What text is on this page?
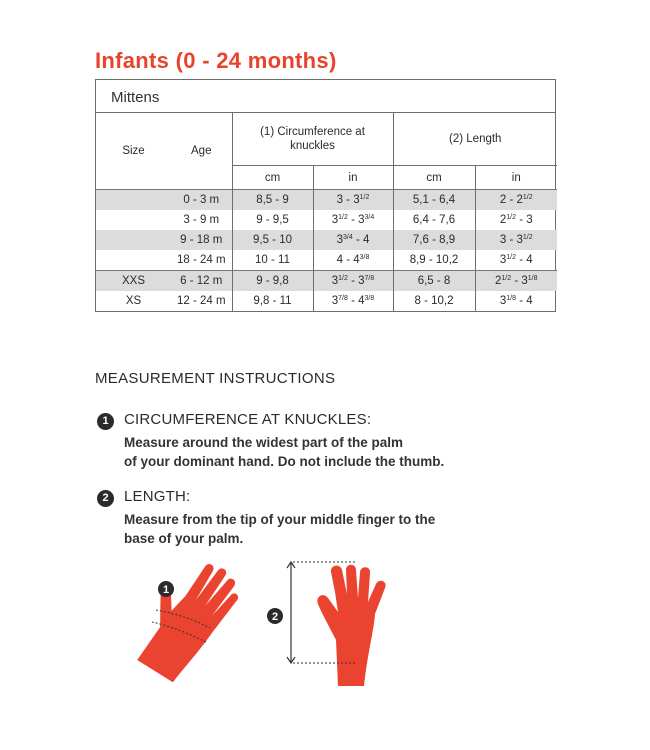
Infants (0 - 24 months)
Mittens
Size	Age	(1) Circumference at knuckles		(2) Length	
		cm	in	cm	in
	0 - 3 m	8,5 - 9	$3 - 3^{1/2}$	5,1 - 6,4	$2 - 2^{1/2}$
	3 - 9 m	9 - 9,5	$3^{1/2} - 3^{3/4}$	6,4 - 7,6	$2^{1/2} - 3$
	9 - 18 m	9,5 - 10	$3^{3/4} - 4$	7,6 - 8,9	$3 - 3^{1/2}$
	18 - 24 m	10 - 11	$4 - 4^{3/8}$	8,9 - 10,2	$3^{1/2} - 4$
XXS	6 - 12 m	9 - 9,8	$3^{1/2} - 3^{7/8}$	6,5 - 8	$2^{1/2} - 3^{1/8}$
XS	12 - 24 m	9,8 - 11	$3^{7/8} - 4^{3/8}$	8 - 10,2	$3^{1/8} - 4$
MEASUREMENT INSTRUCTIONS
1	CIRCUMFERENCE AT KNUCKLES:
Measure around the widest part of the palm
of your dominant hand. Do not include the thumb.
2	LENGTH:
Measure from the tip of your middle finger to the
base of your palm.
1
2
